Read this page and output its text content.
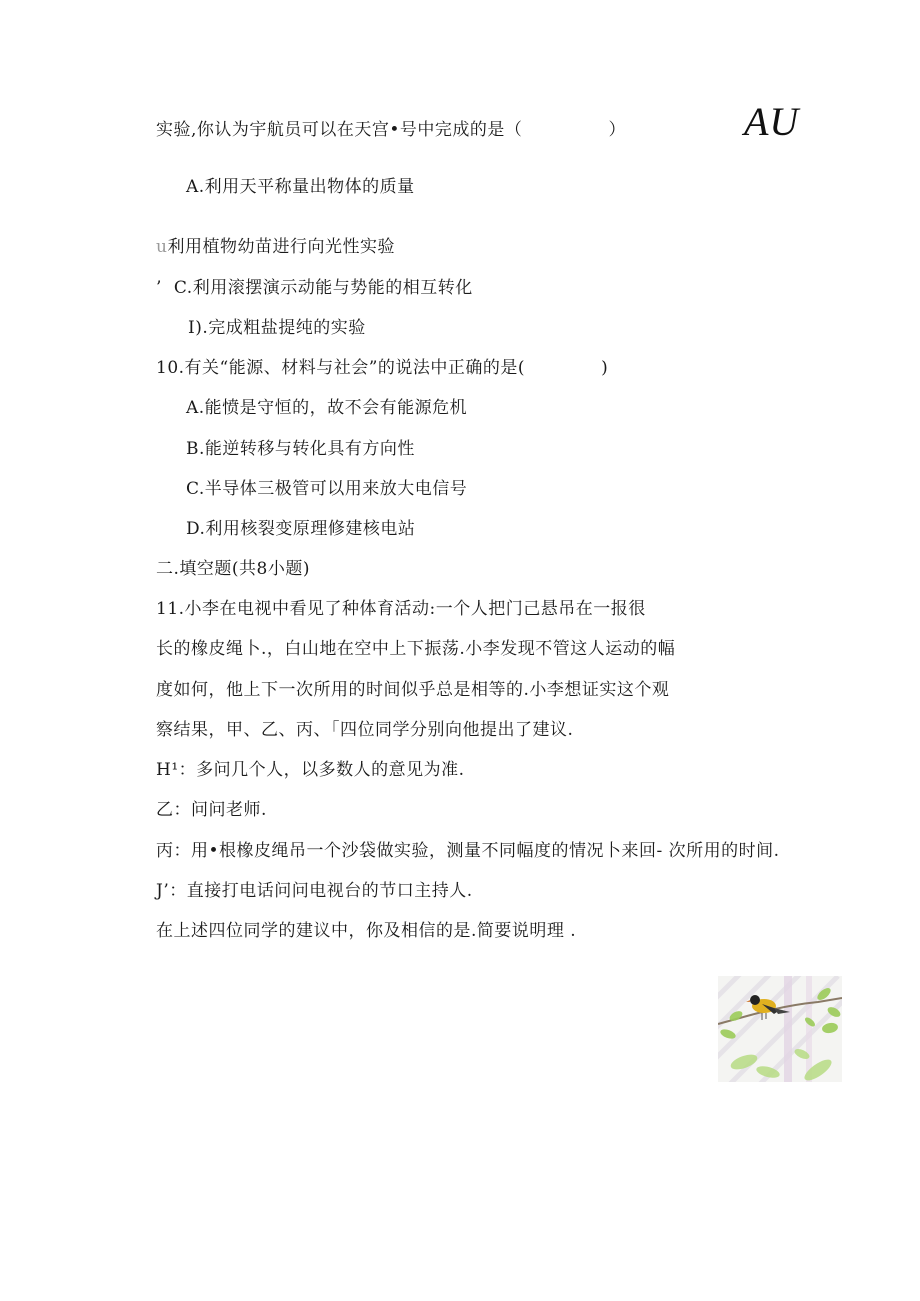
实验,你认为宇航员可以在天宫•号中完成的是（	）	AU
A.利用天平称量出物体的质量
u利用植物幼苗进行向光性实验
’ C.利用滚摆演示动能与势能的相互转化
I).完成粗盐提纯的实验
10.有关“能源、材料与社会”的说法中正确的是(	)
A.能愤是守恒的，故不会有能源危机
B.能逆转移与转化具有方向性
C.半导体三极管可以用来放大电信号
D.利用核裂变原理修建核电站
二.填空题(共8小题)
11.小李在电视中看见了种体育活动:一个人把门己悬吊在一报很
长的橡皮绳卜.，白山地在空中上下振荡.小李发现不管这人运动的幅
度如何，他上下一次所用的时间似乎总是相等的.小李想证实这个观
察结果，甲、乙、丙、「四位同学分别向他提出了建议.
H¹：多问几个人，以多数人的意见为准.
乙：问问老师.
丙：用•根橡皮绳吊一个沙袋做实验，测量不同幅度的情况卜来回- 次所用的时间.
J’：直接打电话问问电视台的节口主持人.
在上述四位同学的建议中，你及相信的是.简要说明理 .
